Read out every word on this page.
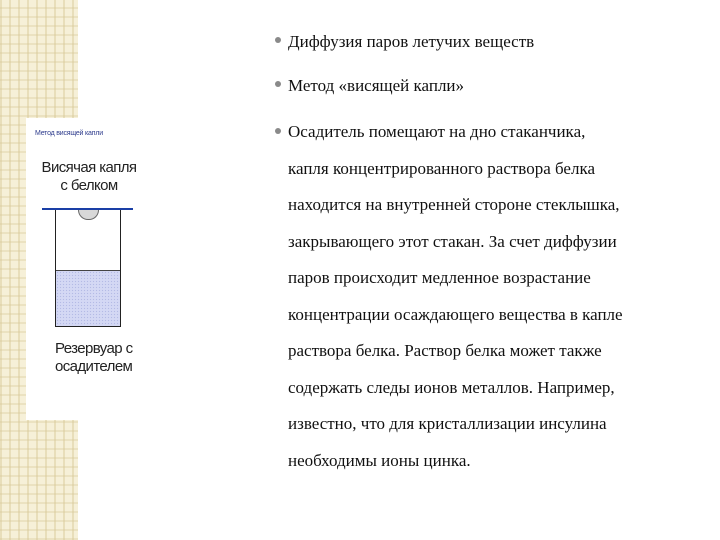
Метод висящей капли
Висячая капля
с белком
Резервуар с
осадителем
Диффузия паров летучих веществ
Метод «висящей капли»

Осадитель помещают на дно стаканчика,

капля концентрированного раствора белка

находится на внутренней стороне стеклышка,

закрывающего этот стакан. За счет диффузии

паров происходит медленное возрастание

концентрации осаждающего вещества в капле

раствора белка. Раствор белка может также

содержать следы ионов металлов. Например,

известно, что для кристаллизации инсулина

необходимы ионы цинка.
